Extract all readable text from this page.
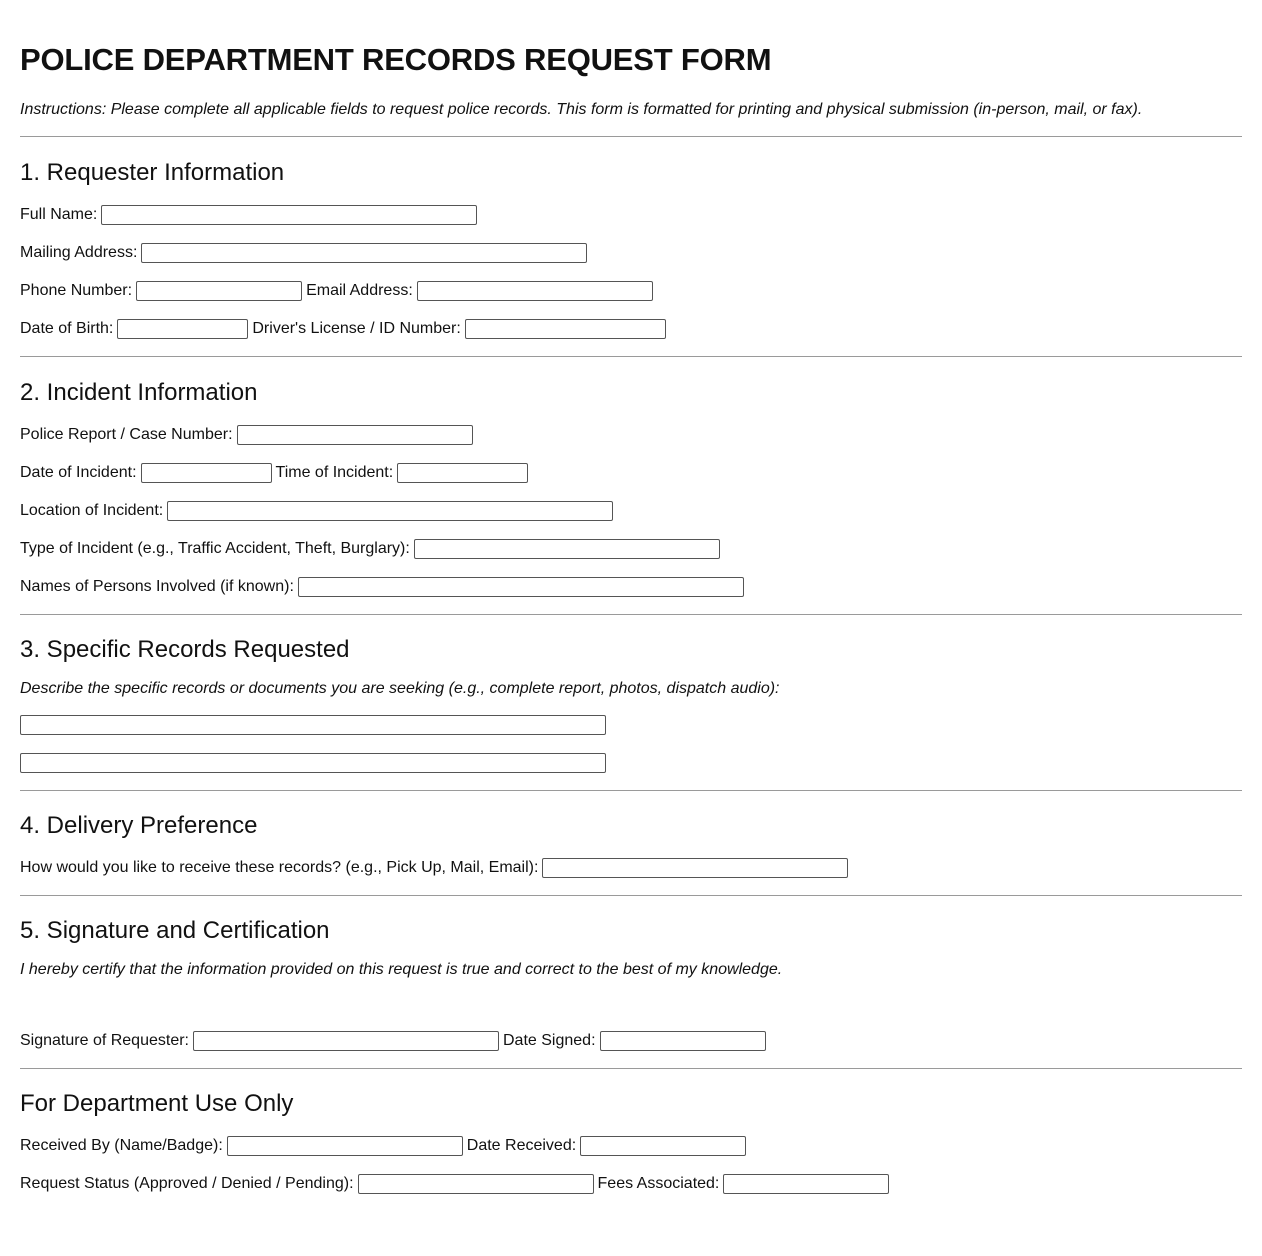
POLICE DEPARTMENT RECORDS REQUEST FORM

Instructions: Please complete all applicable fields to request police records. This form is formatted for printing and physical submission (in-person, mail, or fax).

1. Requester Information
Full Name:
Mailing Address:
Phone Number:	Email Address:
Date of Birth:	Driver's License / ID Number:
2. Incident Information
Police Report / Case Number:
Date of Incident:	Time of Incident:
Location of Incident:
Type of Incident (e.g., Traffic Accident, Theft, Burglary):
Names of Persons Involved (if known):
3. Specific Records Requested

Describe the specific records or documents you are seeking (e.g., complete report, photos, dispatch audio):

4. Delivery Preference
How would you like to receive these records? (e.g., Pick Up, Mail, Email):
5. Signature and Certification

I hereby certify that the information provided on this request is true and correct to the best of my knowledge.

Signature of Requester:	Date Signed:
For Department Use Only
Received By (Name/Badge):	Date Received:
Request Status (Approved / Denied / Pending):	Fees Associated:
